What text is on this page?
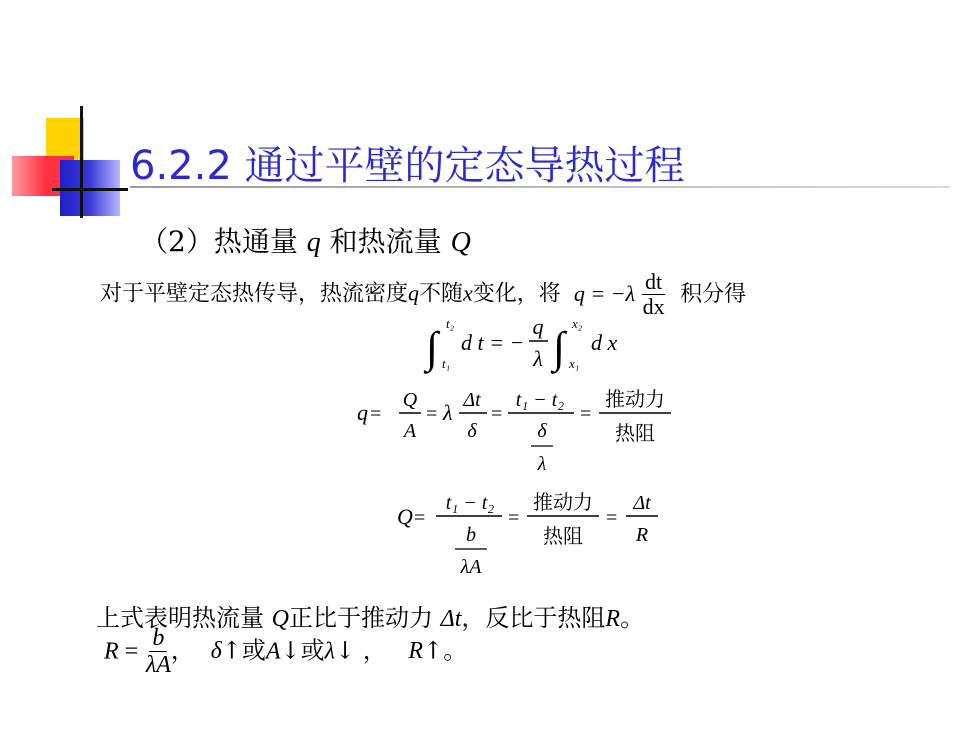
6.2.2 通过平壁的定态导热过程
（2）热通量 q 和热流量 Q
对于平壁定态热传导，热流密度q不随x变化，将 $q = -\lambda \frac{dt}{dx}$ 积分得
∫ t₂
t₁
d t = −
q
λ ∫ x₂
x₁
d x
q =
Q
A
= λ Δt
δ
=
t₁ − t₂
δ
λ
=
推动力
热阻
Q =
t₁ − t₂
b
λA
=
推动力
热阻
=
Δt
R
上式表明热流量 Q正比于推动力 Δt，反比于热阻R。
$R = \frac{b}{\lambda A}$ ， δ↑或A↓或λ↓ ， R↑。
